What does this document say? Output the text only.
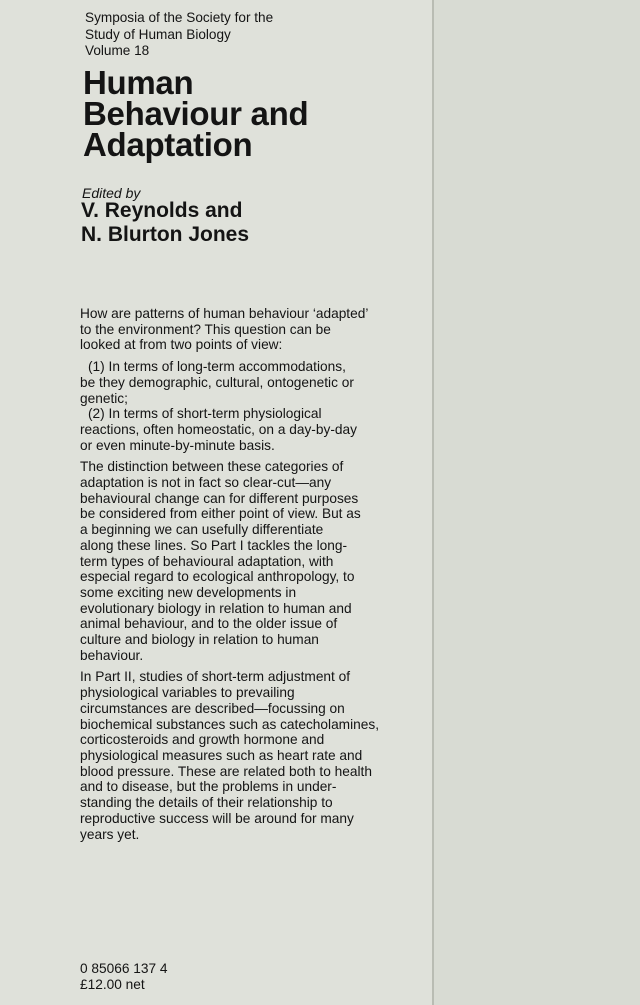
Symposia of the Society for the
Study of Human Biology
Volume 18
Human
Behaviour and
Adaptation

Edited by

V. Reynolds and
N. Blurton Jones

How are patterns of human behaviour ‘adapted’
to the environment? This question can be
looked at from two points of view:

(1) In terms of long-term accommodations,
be they demographic, cultural, ontogenetic or
genetic;

(2) In terms of short-term physiological
reactions, often homeostatic, on a day-by-day
or even minute-by-minute basis.

The distinction between these categories of
adaptation is not in fact so clear-cut—any
behavioural change can for different purposes
be considered from either point of view. But as
a beginning we can usefully differentiate
along these lines. So Part I tackles the long-
term types of behavioural adaptation, with
especial regard to ecological anthropology, to
some exciting new developments in
evolutionary biology in relation to human and
animal behaviour, and to the older issue of
culture and biology in relation to human
behaviour.

In Part II, studies of short-term adjustment of
physiological variables to prevailing
circumstances are described—focussing on
biochemical substances such as catecholamines,
corticosteroids and growth hormone and
physiological measures such as heart rate and
blood pressure. These are related both to health
and to disease, but the problems in under-
standing the details of their relationship to
reproductive success will be around for many
years yet.

0 85066 137 4
£12.00 net
